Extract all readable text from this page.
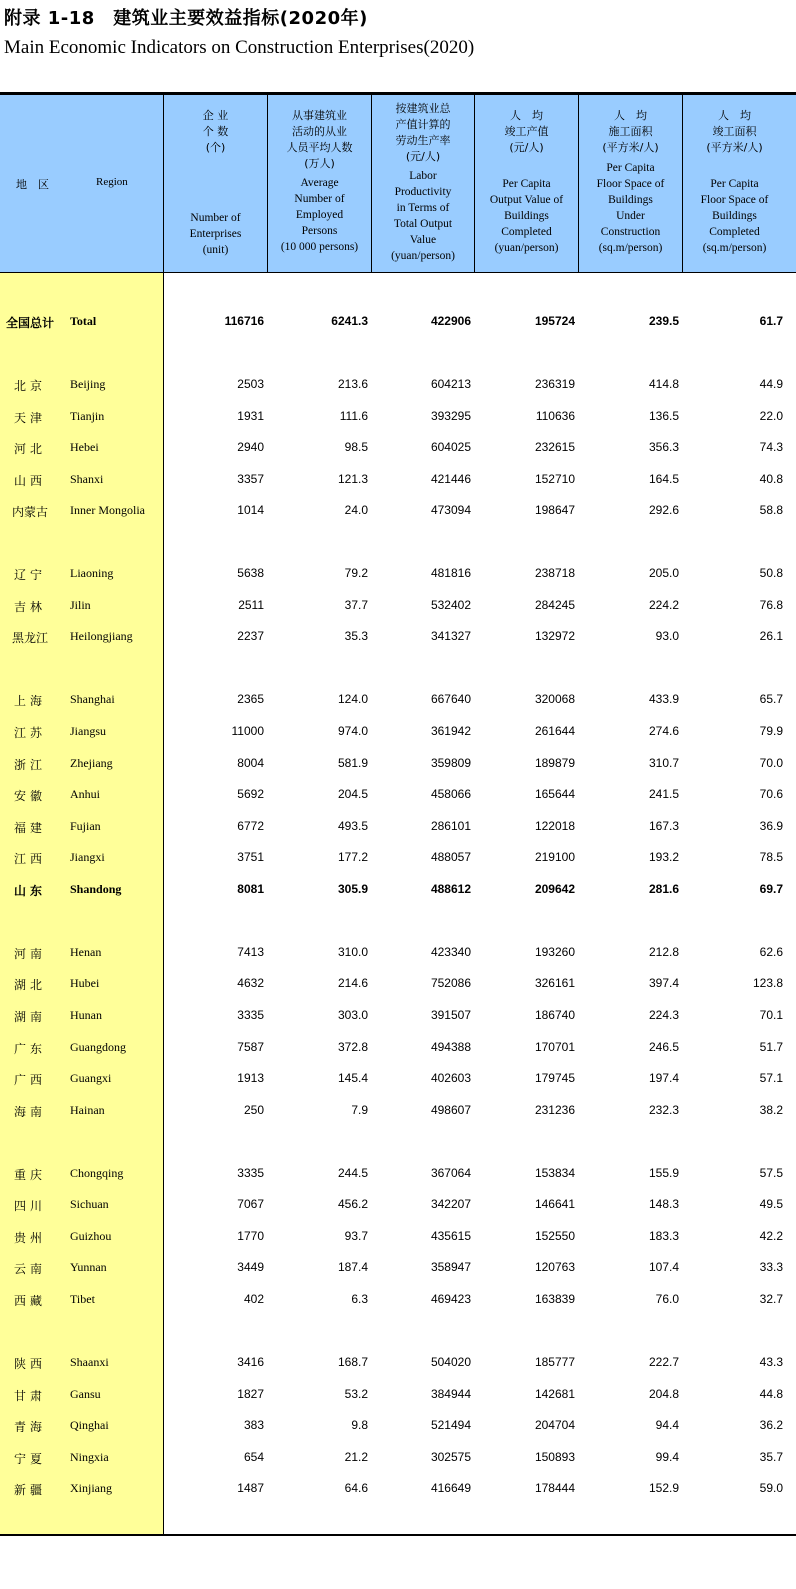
附录 1-18　建筑业主要效益指标(2020年)
Main Economic Indicators on Construction Enterprises(2020)
地　区	Region
企 业
个 数
(个)
Number of
Enterprises
(unit)
从事建筑业
活动的从业
人员平均人数
(万人)
Average
Number of
Employed
Persons
(10 000 persons)
按建筑业总
产值计算的
劳动生产率
(元/人)
Labor
Productivity
in Terms of
Total Output
Value
(yuan/person)
人　均
竣工产值
(元/人)
Per Capita
Output Value of
Buildings
Completed
(yuan/person)
人　均
施工面积
(平方米/人)
Per Capita
Floor Space of
Buildings
Under
Construction
(sq.m/person)
人　均
竣工面积
(平方米/人)
Per Capita
Floor Space of
Buildings
Completed
(sq.m/person)
全国总计 Total	116716	6241.3	422906	195724	239.5	61.7
北京 Beijing	2503	213.6	604213	236319	414.8	44.9
天津 Tianjin	1931	111.6	393295	110636	136.5	22.0
河北 Hebei	2940	98.5	604025	232615	356.3	74.3
山西 Shanxi	3357	121.3	421446	152710	164.5	40.8
内蒙古 Inner Mongolia	1014	24.0	473094	198647	292.6	58.8
辽宁 Liaoning	5638	79.2	481816	238718	205.0	50.8
吉林 Jilin	2511	37.7	532402	284245	224.2	76.8
黑龙江 Heilongjiang	2237	35.3	341327	132972	93.0	26.1
上海 Shanghai	2365	124.0	667640	320068	433.9	65.7
江苏 Jiangsu	11000	974.0	361942	261644	274.6	79.9
浙江 Zhejiang	8004	581.9	359809	189879	310.7	70.0
安徽 Anhui	5692	204.5	458066	165644	241.5	70.6
福建 Fujian	6772	493.5	286101	122018	167.3	36.9
江西 Jiangxi	3751	177.2	488057	219100	193.2	78.5
山东 Shandong	8081	305.9	488612	209642	281.6	69.7
河南 Henan	7413	310.0	423340	193260	212.8	62.6
湖北 Hubei	4632	214.6	752086	326161	397.4	123.8
湖南 Hunan	3335	303.0	391507	186740	224.3	70.1
广东 Guangdong	7587	372.8	494388	170701	246.5	51.7
广西 Guangxi	1913	145.4	402603	179745	197.4	57.1
海南 Hainan	250	7.9	498607	231236	232.3	38.2
重庆 Chongqing	3335	244.5	367064	153834	155.9	57.5
四川 Sichuan	7067	456.2	342207	146641	148.3	49.5
贵州 Guizhou	1770	93.7	435615	152550	183.3	42.2
云南 Yunnan	3449	187.4	358947	120763	107.4	33.3
西藏 Tibet	402	6.3	469423	163839	76.0	32.7
陕西 Shaanxi	3416	168.7	504020	185777	222.7	43.3
甘肃 Gansu	1827	53.2	384944	142681	204.8	44.8
青海 Qinghai	383	9.8	521494	204704	94.4	36.2
宁夏 Ningxia	654	21.2	302575	150893	99.4	35.7
新疆 Xinjiang	1487	64.6	416649	178444	152.9	59.0
